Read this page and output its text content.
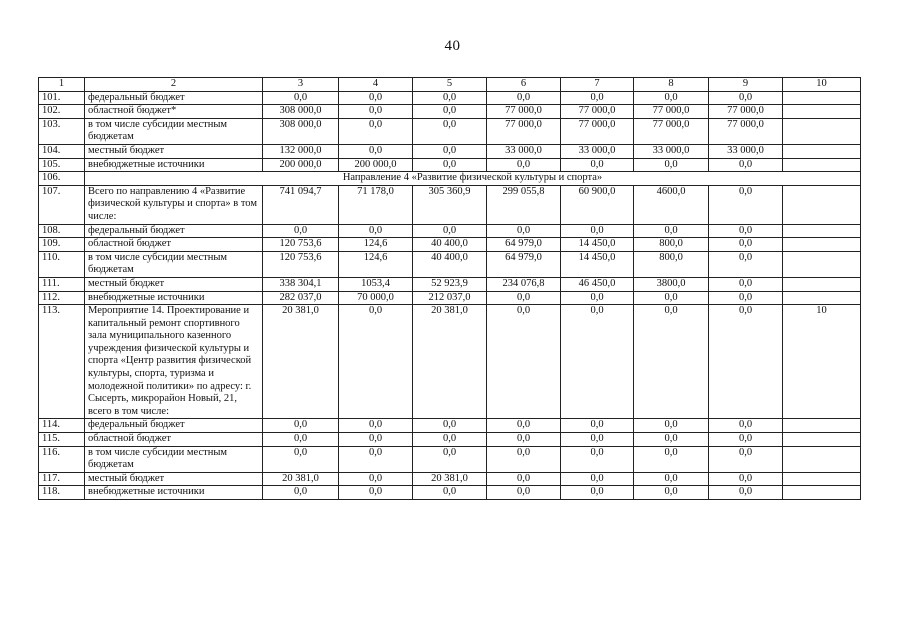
40
1	2	3	4	5	6	7	8	9	10
101.	федеральный бюджет	0,0	0,0	0,0	0,0	0,0	0,0	0,0	
102.	областной бюджет*	308 000,0	0,0	0,0	77 000,0	77 000,0	77 000,0	77 000,0	
103.	в том числе субсидии местным бюджетам	308 000,0	0,0	0,0	77 000,0	77 000,0	77 000,0	77 000,0	
104.	местный бюджет	132 000,0	0,0	0,0	33 000,0	33 000,0	33 000,0	33 000,0	
105.	внебюджетные источники	200 000,0	200 000,0	0,0	0,0	0,0	0,0	0,0	
106.	Направление 4 «Развитие физической культуры и спорта»								
107.	Всего по направлению 4 «Развитие физической культуры и спорта» в том числе:	741 094,7	71 178,0	305 360,9	299 055,8	60 900,0	4600,0	0,0	
108.	федеральный бюджет	0,0	0,0	0,0	0,0	0,0	0,0	0,0	
109.	областной бюджет	120 753,6	124,6	40 400,0	64 979,0	14 450,0	800,0	0,0	
110.	в том числе субсидии местным бюджетам	120 753,6	124,6	40 400,0	64 979,0	14 450,0	800,0	0,0	
111.	местный бюджет	338 304,1	1053,4	52 923,9	234 076,8	46 450,0	3800,0	0,0	
112.	внебюджетные источники	282 037,0	70 000,0	212 037,0	0,0	0,0	0,0	0,0	
113.	Мероприятие 14. Проектирование и капитальный ремонт спортивного зала муниципального казенного учреждения физической культуры и спорта «Центр развития физической культуры, спорта, туризма и молодежной политики» по адресу: г. Сысерть, микрорайон Новый, 21, всего в том числе:	20 381,0	0,0	20 381,0	0,0	0,0	0,0	0,0	10
114.	федеральный бюджет	0,0	0,0	0,0	0,0	0,0	0,0	0,0	
115.	областной бюджет	0,0	0,0	0,0	0,0	0,0	0,0	0,0	
116.	в том числе субсидии местным бюджетам	0,0	0,0	0,0	0,0	0,0	0,0	0,0	
117.	местный бюджет	20 381,0	0,0	20 381,0	0,0	0,0	0,0	0,0	
118.	внебюджетные источники	0,0	0,0	0,0	0,0	0,0	0,0	0,0	
